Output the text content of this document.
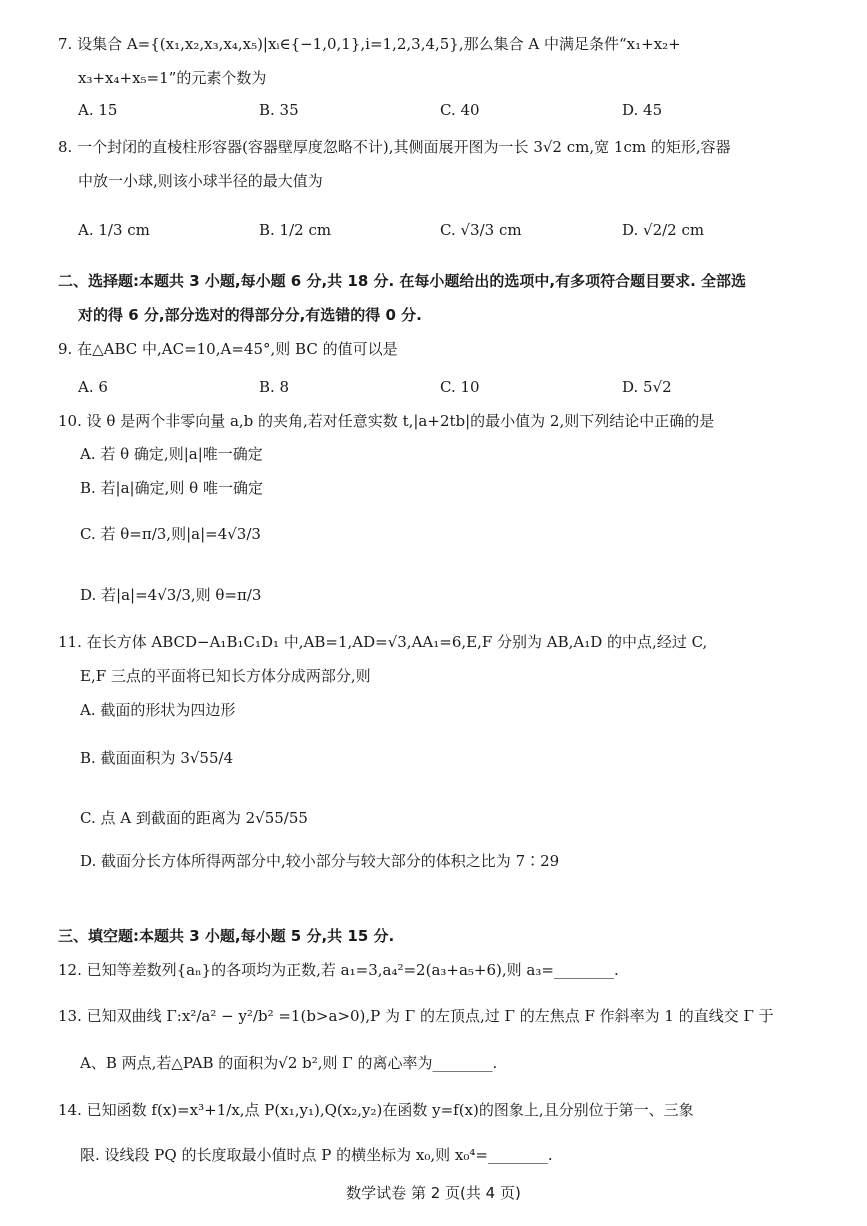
7. 设集合 A={(x₁,x₂,x₃,x₄,x₅)|xᵢ∈{−1,0,1},i=1,2,3,4,5},那么集合 A 中满足条件“x₁+x₂+
x₃+x₄+x₅=1”的元素个数为
A. 15	B. 35	C. 40	D. 45
8. 一个封闭的直棱柱形容器(容器壁厚度忽略不计),其侧面展开图为一长 3√2 cm,宽 1cm 的矩形,容器
中放一小球,则该小球半径的最大值为
A. 1/3 cm	B. 1/2 cm	C. √3/3 cm	D. √2/2 cm
二、选择题:本题共 3 小题,每小题 6 分,共 18 分. 在每小题给出的选项中,有多项符合题目要求. 全部选
对的得 6 分,部分选对的得部分分,有选错的得 0 分.
9. 在△ABC 中,AC=10,A=45°,则 BC 的值可以是
A. 6	B. 8	C. 10	D. 5√2
10. 设 θ 是两个非零向量 a,b 的夹角,若对任意实数 t,|a+2tb|的最小值为 2,则下列结论中正确的是
A. 若 θ 确定,则|a|唯一确定
B. 若|a|确定,则 θ 唯一确定
C. 若 θ=π/3,则|a|=4√3/3
D. 若|a|=4√3/3,则 θ=π/3
11. 在长方体 ABCD−A₁B₁C₁D₁ 中,AB=1,AD=√3,AA₁=6,E,F 分别为 AB,A₁D 的中点,经过 C,
E,F 三点的平面将已知长方体分成两部分,则
A. 截面的形状为四边形
B. 截面面积为 3√55/4
C. 点 A 到截面的距离为 2√55/55
D. 截面分长方体所得两部分中,较小部分与较大部分的体积之比为 7∶29
三、填空题:本题共 3 小题,每小题 5 分,共 15 分.
12. 已知等差数列{aₙ}的各项均为正数,若 a₁=3,a₄²=2(a₃+a₅+6),则 a₃=________.
13. 已知双曲线 Γ:x²/a² − y²/b² =1(b>a>0),P 为 Γ 的左顶点,过 Γ 的左焦点 F 作斜率为 1 的直线交 Γ 于
A、B 两点,若△PAB 的面积为√2 b²,则 Γ 的离心率为________.
14. 已知函数 f(x)=x³+1/x,点 P(x₁,y₁),Q(x₂,y₂)在函数 y=f(x)的图象上,且分别位于第一、三象
限. 设线段 PQ 的长度取最小值时点 P 的横坐标为 x₀,则 x₀⁴=________.
数学试卷 第 2 页(共 4 页)
